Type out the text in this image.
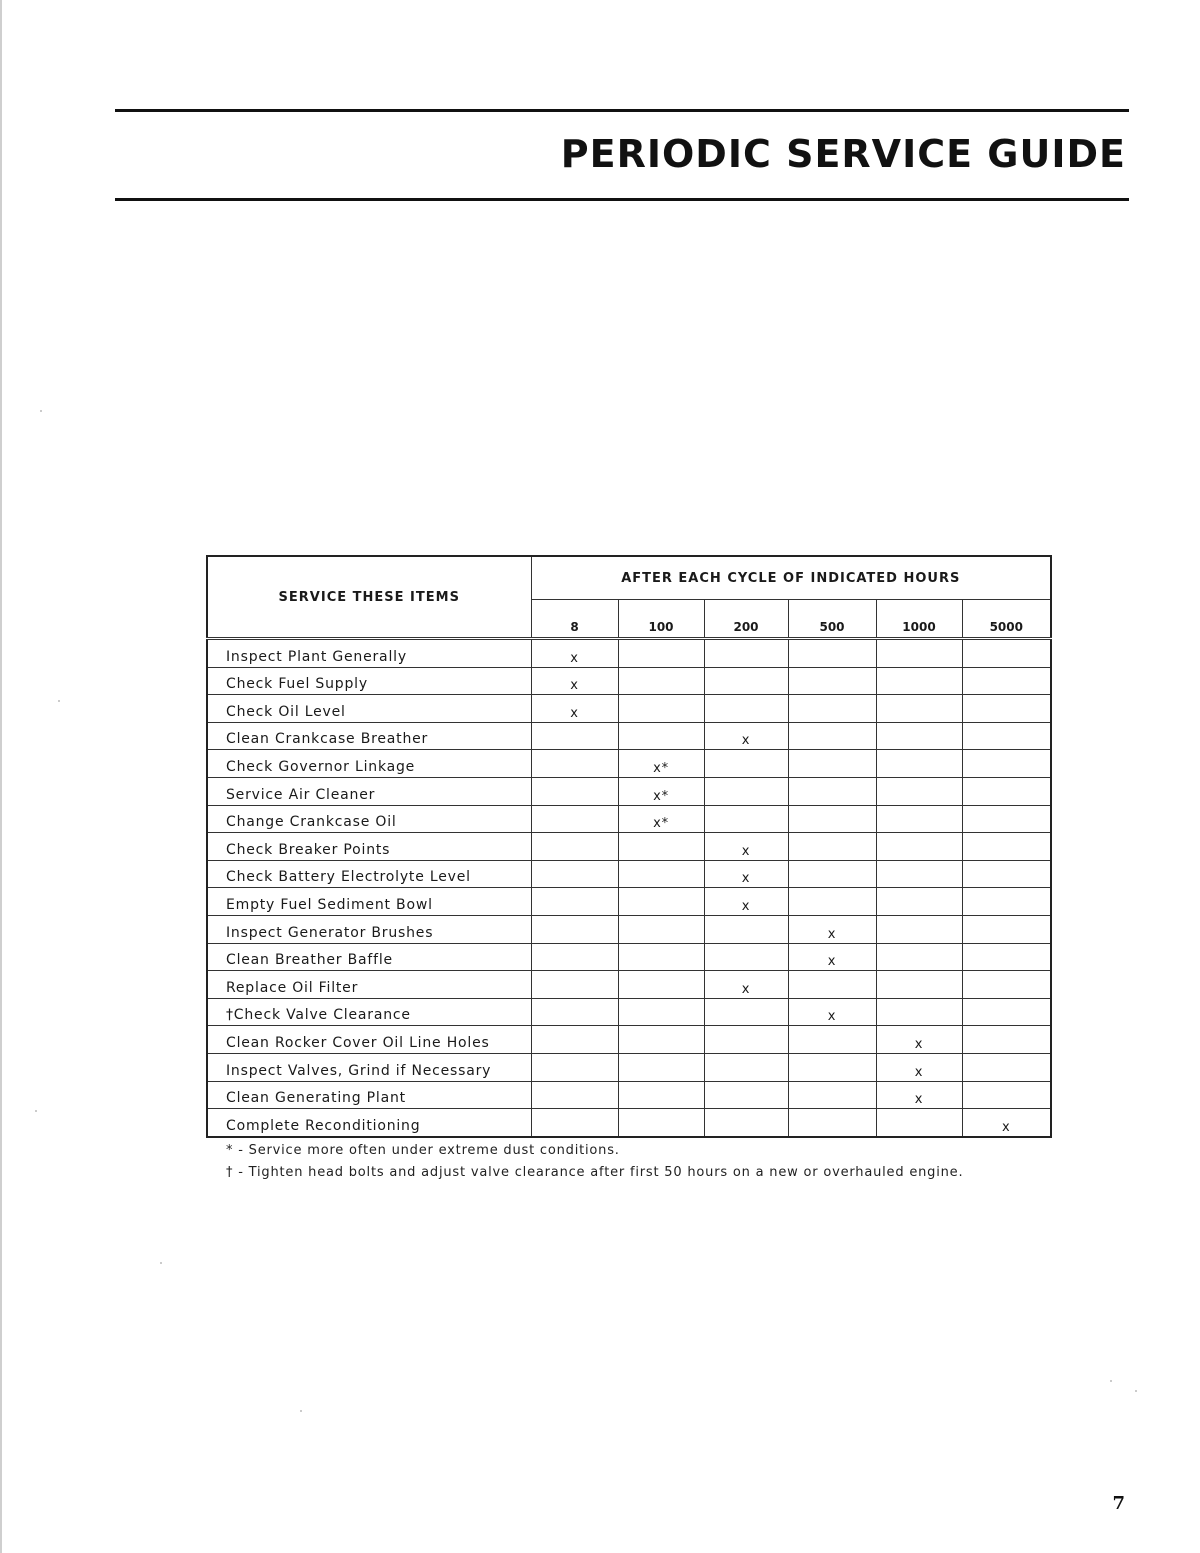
PERIODIC SERVICE GUIDE
SERVICE THESE ITEMS	AFTER EACH CYCLE OF INDICATED HOURS					
	8	100	200	500	1000	5000
Inspect Plant Generally	x					
Check Fuel Supply	x					
Check Oil Level	x					
Clean Crankcase Breather			x			
Check Governor Linkage		x*				
Service Air Cleaner		x*				
Change Crankcase Oil		x*				
Check Breaker Points			x			
Check Battery Electrolyte Level			x			
Empty Fuel Sediment Bowl			x			
Inspect Generator Brushes				x		
Clean Breather Baffle				x		
Replace Oil Filter			x			
†Check Valve Clearance				x		
Clean Rocker Cover Oil Line Holes					x	
Inspect Valves, Grind if Necessary					x	
Clean Generating Plant					x	
Complete Reconditioning						x
* - Service more often under extreme dust conditions.
† - Tighten head bolts and adjust valve clearance after first 50 hours on a new or overhauled engine.
7
